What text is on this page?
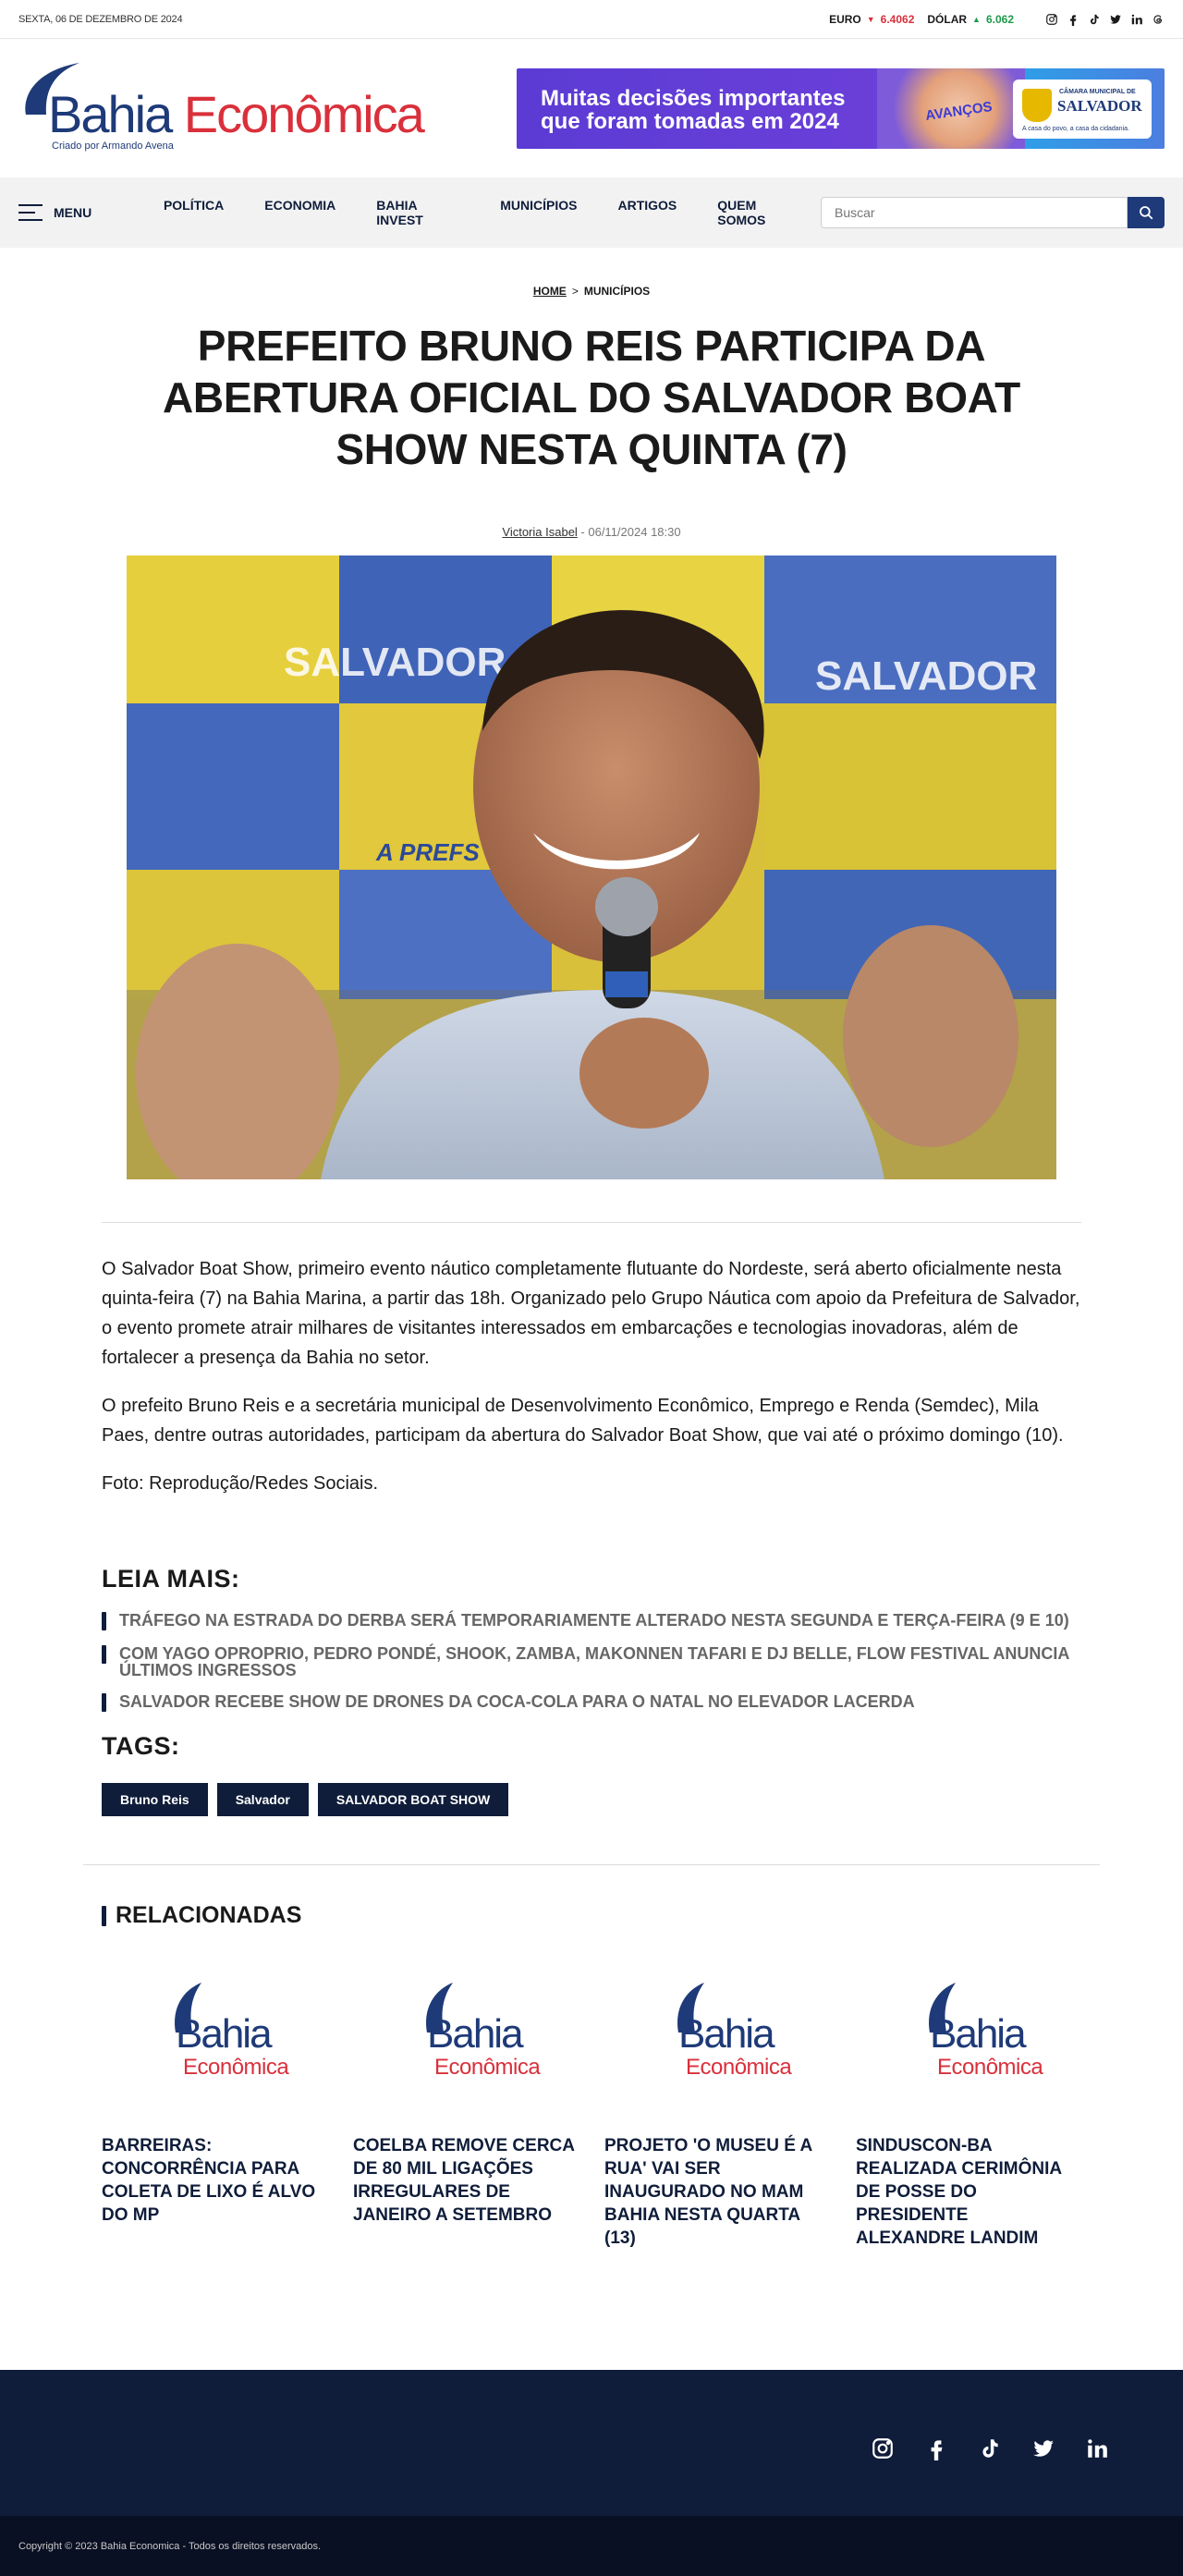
SEXTA, 06 DE DEZEMBRO DE 2024	EURO ▼ 6.4062 DÓLAR ▲ 6.062
Bahia Econômica
Criado por Armando Avena
Muitas decisões importantes
que foram tomadas em 2024	AVANÇOS
CÂMARA MUNICIPAL DE
SALVADOR
A casa do povo, a casa da cidadania.
MENU	POLÍTICA	ECONOMIA	BAHIA INVEST
MUNICÍPIOS	ARTIGOS	QUEM SOMOS
Buscar
HOME > MUNICÍPIOS
PREFEITO BRUNO REIS PARTICIPA DA ABERTURA OFICIAL DO SALVADOR BOAT SHOW NESTA QUINTA (7)
Victoria Isabel - 06/11/2024 18:30
SALVADOR	SALVADOR
A PREFS

O Salvador Boat Show, primeiro evento náutico completamente flutuante do Nordeste, será aberto oficialmente nesta quinta-feira (7) na Bahia Marina, a partir das 18h. Organizado pelo Grupo Náutica com apoio da Prefeitura de Salvador, o evento promete atrair milhares de visitantes interessados em embarcações e tecnologias inovadoras, além de fortalecer a presença da Bahia no setor.

O prefeito Bruno Reis e a secretária municipal de Desenvolvimento Econômico, Emprego e Renda (Semdec), Mila Paes, dentre outras autoridades, participam da abertura do Salvador Boat Show, que vai até o próximo domingo (10).

Foto: Reprodução/Redes Sociais.

LEIA MAIS:
TRÁFEGO NA ESTRADA DO DERBA SERÁ TEMPORARIAMENTE ALTERADO NESTA SEGUNDA E TERÇA-FEIRA (9 E 10)
COM YAGO OPROPRIO, PEDRO PONDÉ, SHOOK, ZAMBA, MAKONNEN TAFARI E DJ BELLE, FLOW FESTIVAL ANUNCIA ÚLTIMOS INGRESSOS
SALVADOR RECEBE SHOW DE DRONES DA COCA-COLA PARA O NATAL NO ELEVADOR LACERDA
TAGS:
Bruno Reis	Salvador	SALVADOR BOAT SHOW
RELACIONADAS
Bahia
Econômica
BARREIRAS: CONCORRÊNCIA PARA COLETA DE LIXO É ALVO DO MP
Bahia
Econômica
COELBA REMOVE CERCA DE 80 MIL LIGAÇÕES IRREGULARES DE JANEIRO A SETEMBRO
Bahia
Econômica
PROJETO 'O MUSEU É A RUA' VAI SER INAUGURADO NO MAM BAHIA NESTA QUARTA (13)
Bahia
Econômica
SINDUSCON-BA REALIZADA CERIMÔNIA DE POSSE DO PRESIDENTE ALEXANDRE LANDIM
Copyright © 2023 Bahia Economica - Todos os direitos reservados.
